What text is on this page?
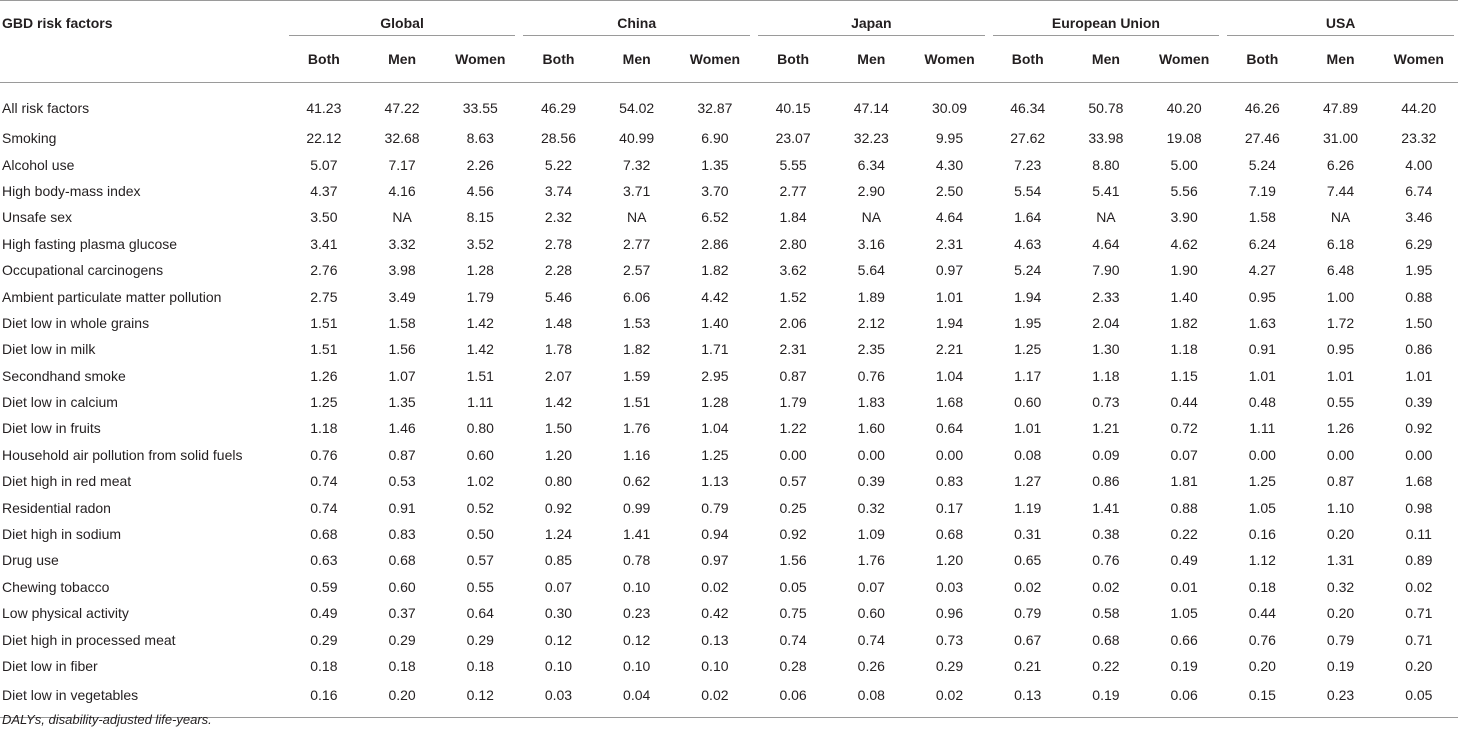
GBD risk factors	Global			China			Japan			European Union			USA		

	Both	Men	Women	Both	Men	Women	Both	Men	Women	Both	Men	Women	Both	Men	Women
All risk factors	41.23	47.22	33.55	46.29	54.02	32.87	40.15	47.14	30.09	46.34	50.78	40.20	46.26	47.89	44.20
Smoking	22.12	32.68	8.63	28.56	40.99	6.90	23.07	32.23	9.95	27.62	33.98	19.08	27.46	31.00	23.32
Alcohol use	5.07	7.17	2.26	5.22	7.32	1.35	5.55	6.34	4.30	7.23	8.80	5.00	5.24	6.26	4.00
High body-mass index	4.37	4.16	4.56	3.74	3.71	3.70	2.77	2.90	2.50	5.54	5.41	5.56	7.19	7.44	6.74
Unsafe sex	3.50	NA	8.15	2.32	NA	6.52	1.84	NA	4.64	1.64	NA	3.90	1.58	NA	3.46
High fasting plasma glucose	3.41	3.32	3.52	2.78	2.77	2.86	2.80	3.16	2.31	4.63	4.64	4.62	6.24	6.18	6.29
Occupational carcinogens	2.76	3.98	1.28	2.28	2.57	1.82	3.62	5.64	0.97	5.24	7.90	1.90	4.27	6.48	1.95
Ambient particulate matter pollution	2.75	3.49	1.79	5.46	6.06	4.42	1.52	1.89	1.01	1.94	2.33	1.40	0.95	1.00	0.88
Diet low in whole grains	1.51	1.58	1.42	1.48	1.53	1.40	2.06	2.12	1.94	1.95	2.04	1.82	1.63	1.72	1.50
Diet low in milk	1.51	1.56	1.42	1.78	1.82	1.71	2.31	2.35	2.21	1.25	1.30	1.18	0.91	0.95	0.86
Secondhand smoke	1.26	1.07	1.51	2.07	1.59	2.95	0.87	0.76	1.04	1.17	1.18	1.15	1.01	1.01	1.01
Diet low in calcium	1.25	1.35	1.11	1.42	1.51	1.28	1.79	1.83	1.68	0.60	0.73	0.44	0.48	0.55	0.39
Diet low in fruits	1.18	1.46	0.80	1.50	1.76	1.04	1.22	1.60	0.64	1.01	1.21	0.72	1.11	1.26	0.92
Household air pollution from solid fuels	0.76	0.87	0.60	1.20	1.16	1.25	0.00	0.00	0.00	0.08	0.09	0.07	0.00	0.00	0.00
Diet high in red meat	0.74	0.53	1.02	0.80	0.62	1.13	0.57	0.39	0.83	1.27	0.86	1.81	1.25	0.87	1.68
Residential radon	0.74	0.91	0.52	0.92	0.99	0.79	0.25	0.32	0.17	1.19	1.41	0.88	1.05	1.10	0.98
Diet high in sodium	0.68	0.83	0.50	1.24	1.41	0.94	0.92	1.09	0.68	0.31	0.38	0.22	0.16	0.20	0.11
Drug use	0.63	0.68	0.57	0.85	0.78	0.97	1.56	1.76	1.20	0.65	0.76	0.49	1.12	1.31	0.89
Chewing tobacco	0.59	0.60	0.55	0.07	0.10	0.02	0.05	0.07	0.03	0.02	0.02	0.01	0.18	0.32	0.02
Low physical activity	0.49	0.37	0.64	0.30	0.23	0.42	0.75	0.60	0.96	0.79	0.58	1.05	0.44	0.20	0.71
Diet high in processed meat	0.29	0.29	0.29	0.12	0.12	0.13	0.74	0.74	0.73	0.67	0.68	0.66	0.76	0.79	0.71
Diet low in fiber	0.18	0.18	0.18	0.10	0.10	0.10	0.28	0.26	0.29	0.21	0.22	0.19	0.20	0.19	0.20
Diet low in vegetables	0.16	0.20	0.12	0.03	0.04	0.02	0.06	0.08	0.02	0.13	0.19	0.06	0.15	0.23	0.05
DALYs, disability-adjusted life-years.
